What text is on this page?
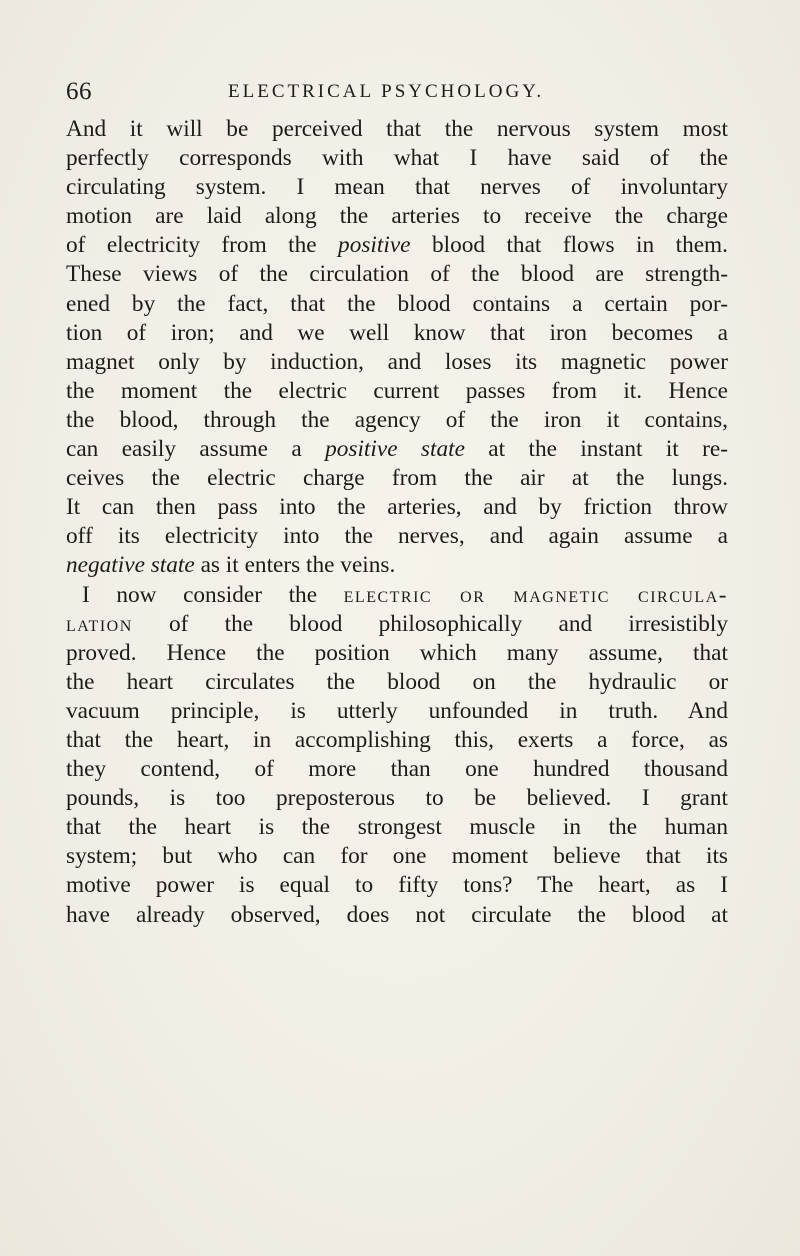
66	ELECTRICAL PSYCHOLOGY.
And it will be perceived that the nervous system most
perfectly corresponds with what I have said of the
circulating system. I mean that nerves of involuntary
motion are laid along the arteries to receive the charge
of electricity from the positive blood that flows in them.
These views of the circulation of the blood are strength-
ened by the fact, that the blood contains a certain por-
tion of iron; and we well know that iron becomes a
magnet only by induction, and loses its magnetic power
the moment the electric current passes from it. Hence
the blood, through the agency of the iron it contains,
can easily assume a positive state at the instant it re-
ceives the electric charge from the air at the lungs.
It can then pass into the arteries, and by friction throw
off its electricity into the nerves, and again assume a
negative state as it enters the veins.
I now consider the electric or magnetic circula-
lation of the blood philosophically and irresistibly
proved. Hence the position which many assume, that
the heart circulates the blood on the hydraulic or
vacuum principle, is utterly unfounded in truth. And
that the heart, in accomplishing this, exerts a force, as
they contend, of more than one hundred thousand
pounds, is too preposterous to be believed. I grant
that the heart is the strongest muscle in the human
system; but who can for one moment believe that its
motive power is equal to fifty tons? The heart, as I
have already observed, does not circulate the blood at
